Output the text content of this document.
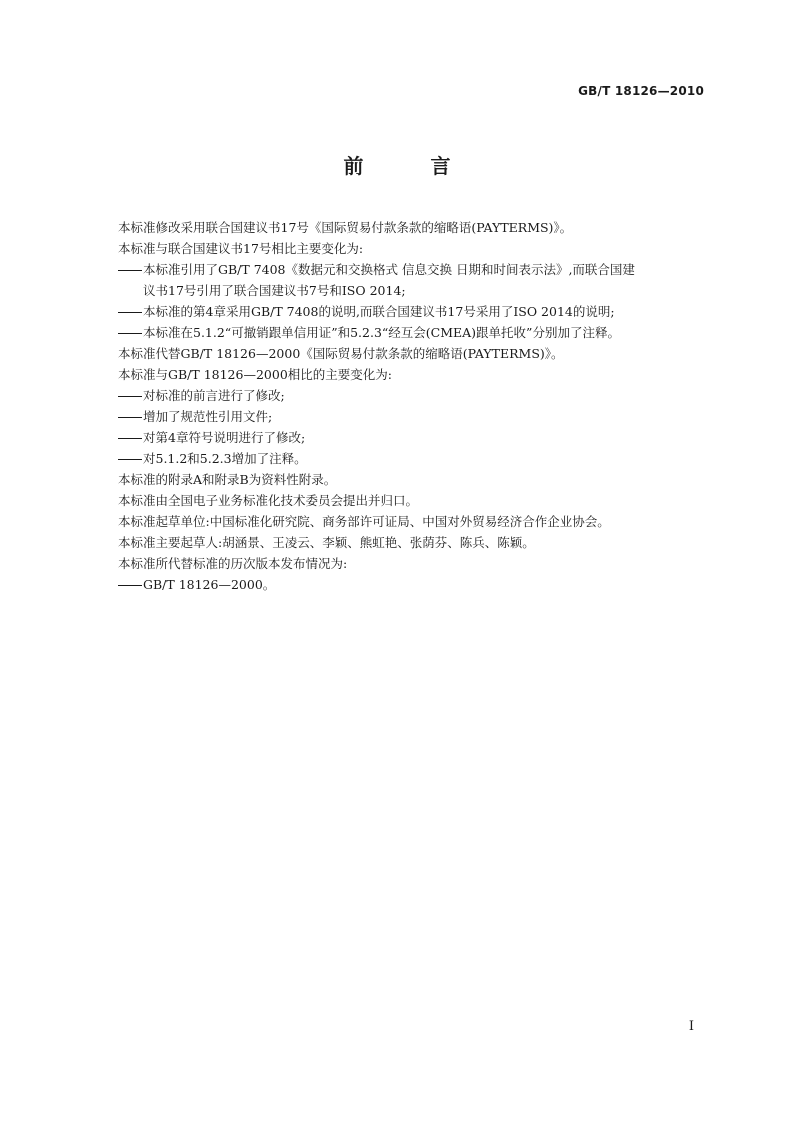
GB/T 18126—2010
前 言
本标准修改采用联合国建议书17号《国际贸易付款条款的缩略语(PAYTERMS)》。
本标准与联合国建议书17号相比主要变化为:
本标准引用了GB/T 7408《数据元和交换格式 信息交换 日期和时间表示法》,而联合国建
议书17号引用了联合国建议书7号和ISO 2014;
本标准的第4章采用GB/T 7408的说明,而联合国建议书17号采用了ISO 2014的说明;
本标准在5.1.2“可撤销跟单信用证”和5.2.3“经互会(CMEA)跟单托收”分别加了注释。
本标准代替GB/T 18126—2000《国际贸易付款条款的缩略语(PAYTERMS)》。
本标准与GB/T 18126—2000相比的主要变化为:
对标准的前言进行了修改;
增加了规范性引用文件;
对第4章符号说明进行了修改;
对5.1.2和5.2.3增加了注释。
本标准的附录A和附录B为资料性附录。
本标准由全国电子业务标准化技术委员会提出并归口。
本标准起草单位:中国标准化研究院、商务部许可证局、中国对外贸易经济合作企业协会。
本标准主要起草人:胡涵景、王凌云、李颖、熊虹艳、张荫芬、陈兵、陈颖。
本标准所代替标准的历次版本发布情况为:
GB/T 18126—2000。
I
